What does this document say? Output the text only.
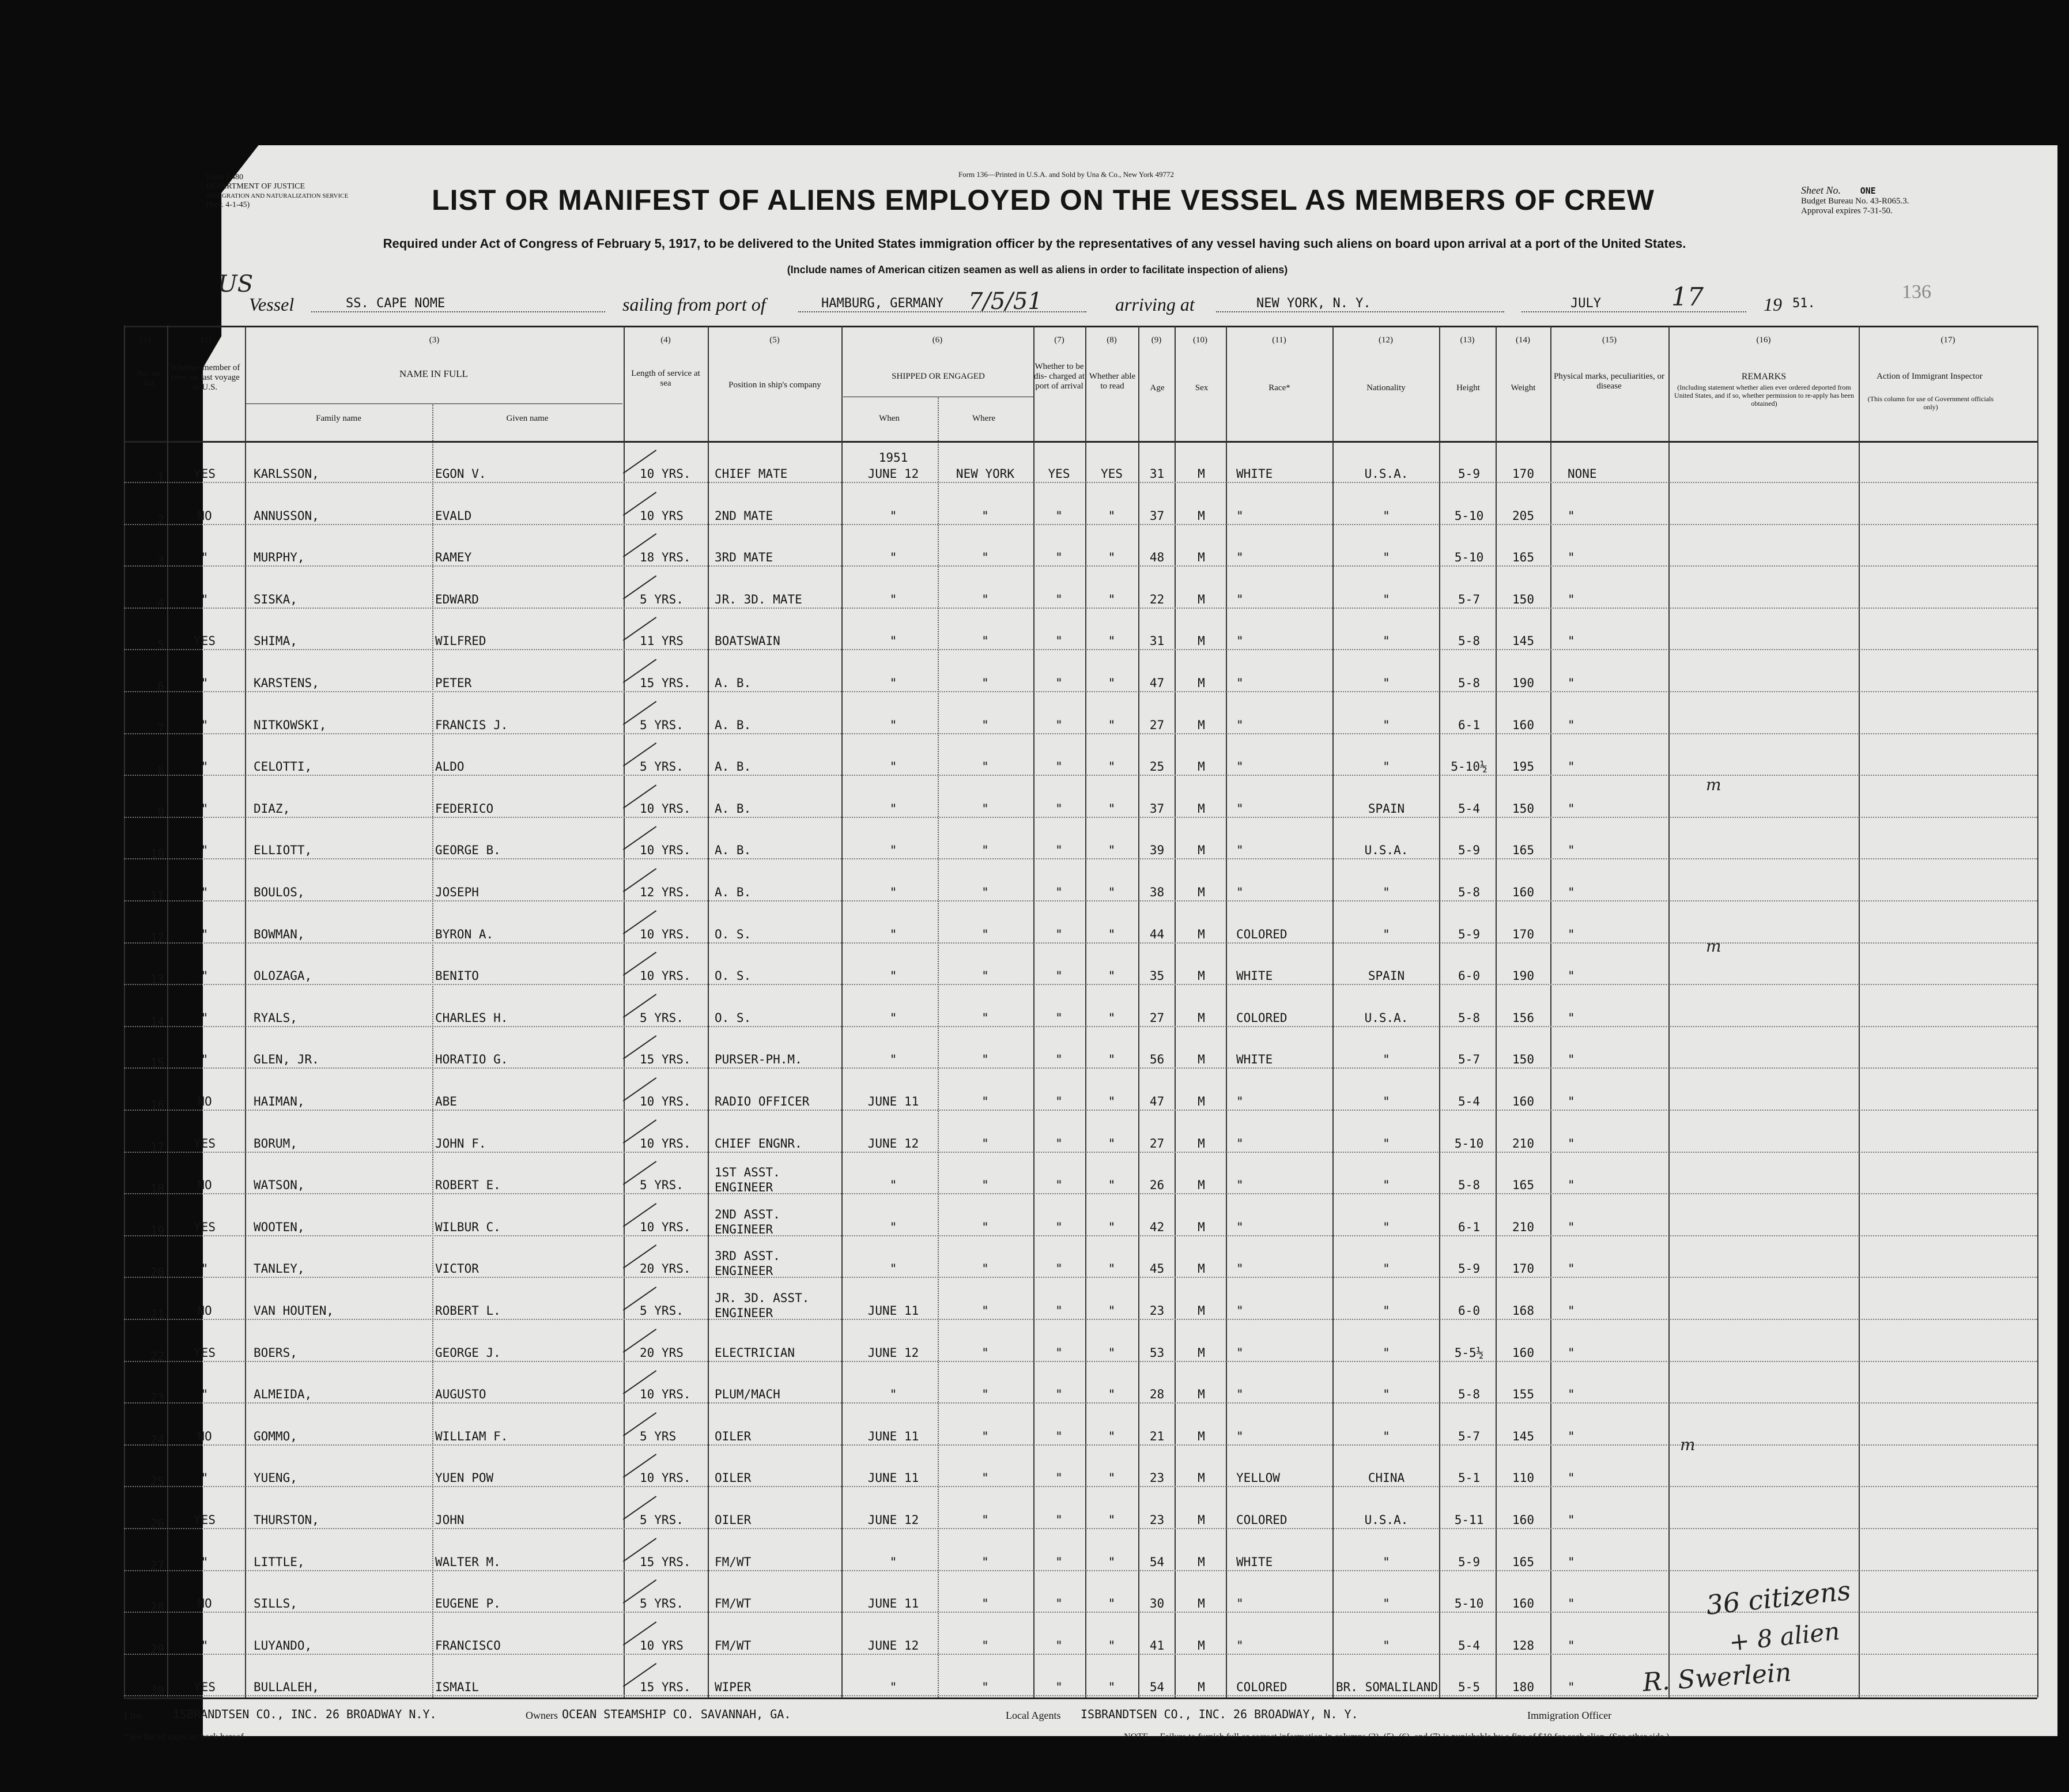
Form I-480
DEPARTMENT OF JUSTICE
IMMIGRATION AND NATURALIZATION SERVICE
(Rev. 4-1-45)
Form 136—Printed in U.S.A. and Sold by Una & Co., New York 49772
LIST OR MANIFEST OF ALIENS EMPLOYED ON THE VESSEL AS MEMBERS OF CREW	Sheet No. ONE
Budget Bureau No. 43-R065.3.
Approval expires 7-31-50.
Required under Act of Congress of February 5, 1917, to be delivered to the United States immigration officer by the representatives of any vessel having such aliens on board upon arrival at a port of the United States.
(Include names of American citizen seamen as well as aliens in order to facilitate inspection of aliens)
136
US
Vessel	SS. CAPE NOME	sailing from port of	HAMBURG, GERMANY 7/5/51	arriving at	NEW YORK, N. Y.	JULY	17	19 51.
(1)	(2)	(3)	(4)	(5)	(6)	(7)	(8)	(9)	(10)	(11)	(12)	(13)	(14)	(15)	(16)	(17)
No. on list
Whether member of crew on last voyage to U.S.
NAME IN FULL
Family name	Given name
Length of service at sea	Position in ship's company
SHIPPED OR ENGAGED
When	Where
Whether to be dis- charged at port of arrival
Whether able to read	Age	Sex	Race*	Nationality	Height	Weight
Physical marks, peculiarities, or disease
REMARKS
(Including statement whether alien ever ordered deported from United States, and if so, whether permission to re-apply has been obtained)
Action of Immigrant Inspector
(This column for use of Government officials only)
1	YES	KARLSSON,	EGON V.	10 YRS.	CHIEF MATE	JUNE 12	NEW YORK	YES	YES	31	M	WHITE	U.S.A.	5-9	170	NONE
1951
2	NO	ANNUSSON,	EVALD	10 YRS	2ND MATE	"	"	"	"	37	M	"	"	5-10	205	"
3	"	MURPHY,	RAMEY	18 YRS.	3RD MATE	"	"	"	"	48	M	"	"	5-10	165	"
4	"	SISKA,	EDWARD	5 YRS.	JR. 3D. MATE	"	"	"	"	22	M	"	"	5-7	150	"
5	YES	SHIMA,	WILFRED	11 YRS	BOATSWAIN	"	"	"	"	31	M	"	"	5-8	145	"
6	"	KARSTENS,	PETER	15 YRS.	A. B.	"	"	"	"	47	M	"	"	5-8	190	"
7	"	NITKOWSKI,	FRANCIS J.	5 YRS.	A. B.	"	"	"	"	27	M	"	"	6-1	160	"
8	"	CELOTTI,	ALDO	5 YRS.	A. B.	"	"	"	"	25	M	"	"	5-10½	195	"
9	"	DIAZ,	FEDERICO	10 YRS.	A. B.	"	"	"	"	37	M	"	SPAIN	5-4	150	"
10	"	ELLIOTT,	GEORGE B.	10 YRS.	A. B.	"	"	"	"	39	M	"	U.S.A.	5-9	165	"
11	"	BOULOS,	JOSEPH	12 YRS.	A. B.	"	"	"	"	38	M	"	"	5-8	160	"
12	"	BOWMAN,	BYRON A.	10 YRS.	O. S.	"	"	"	"	44	M	COLORED	"	5-9	170	"
13	"	OLOZAGA,	BENITO	10 YRS.	O. S.	"	"	"	"	35	M	WHITE	SPAIN	6-0	190	"
14	"	RYALS,	CHARLES H.	5 YRS.	O. S.	"	"	"	"	27	M	COLORED	U.S.A.	5-8	156	"
15	"	GLEN, JR.	HORATIO G.	15 YRS.	PURSER-PH.M.	"	"	"	"	56	M	WHITE	"	5-7	150	"
16	NO	HAIMAN,	ABE	10 YRS.	RADIO OFFICER	JUNE 11	"	"	"	47	M	"	"	5-4	160	"
17	YES	BORUM,	JOHN F.	10 YRS.	CHIEF ENGNR.	JUNE 12	"	"	"	27	M	"	"	5-10	210	"
18	NO	WATSON,	ROBERT E.	5 YRS.
1ST ASST.
ENGINEER	"	"	"	"	26	M	"	"	5-8	165	"
19	YES	WOOTEN,	WILBUR C.	10 YRS.
2ND ASST.
ENGINEER	"	"	"	"	42	M	"	"	6-1	210	"
20	"	TANLEY,	VICTOR	20 YRS.
3RD ASST.
ENGINEER	"	"	"	"	45	M	"	"	5-9	170	"
21	NO	VAN HOUTEN,	ROBERT L.	5 YRS.
JR. 3D. ASST.
ENGINEER	JUNE 11	"	"	"	23	M	"	"	6-0	168	"
22	YES	BOERS,	GEORGE J.	20 YRS	ELECTRICIAN	JUNE 12	"	"	"	53	M	"	"	5-5½	160	"
23	"	ALMEIDA,	AUGUSTO	10 YRS.	PLUM/MACH	"	"	"	"	28	M	"	"	5-8	155	"
24	NO	GOMMO,	WILLIAM F.	5 YRS	OILER	JUNE 11	"	"	"	21	M	"	"	5-7	145	"
25	"	YUENG,	YUEN POW	10 YRS.	OILER	JUNE 11	"	"	"	23	M	YELLOW	CHINA	5-1	110	"
26	YES	THURSTON,	JOHN	5 YRS.	OILER	JUNE 12	"	"	"	23	M	COLORED	U.S.A.	5-11	160	"
27	"	LITTLE,	WALTER M.	15 YRS.	FM/WT	"	"	"	"	54	M	WHITE	"	5-9	165	"
28	NO	SILLS,	EUGENE P.	5 YRS.	FM/WT	JUNE 11	"	"	"	30	M	"	"	5-10	160	"
29	"	LUYANDO,	FRANCISCO	10 YRS	FM/WT	JUNE 12	"	"	"	41	M	"	"	5-4	128	"
30	YES	BULLALEH,	ISMAIL	15 YRS.	WIPER	"	"	"	"	54	M	COLORED	BR. SOMALILAND	5-5	180	"
m
m
m
36 citizens
+ 8 alien
R. Swerlein
Line	ISBRANDTSEN CO., INC. 26 BROADWAY N.Y.	Owners OCEAN STEAMSHIP CO. SAVANNAH, GA.	Local Agents ISBRANDTSEN CO., INC. 26 BROADWAY, N. Y.	Immigration Officer
*See list of races on back hereof.	NOTE.—Failure to furnish full or correct information in columns (3), (5), (6), and (7) is punishable by a fine of $10 for each alien. (See other side.)
